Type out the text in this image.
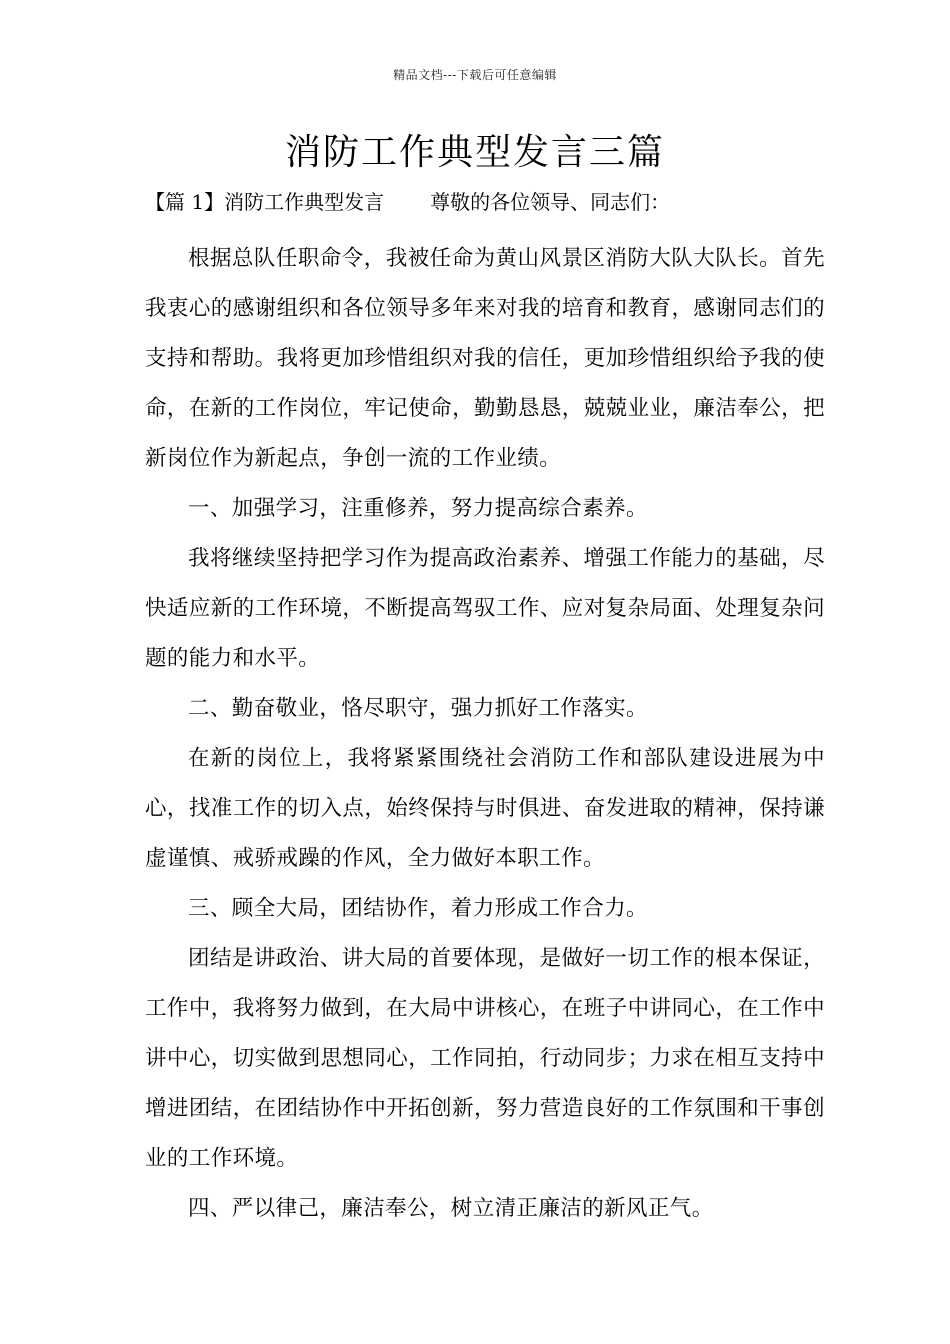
精品文档---下载后可任意编辑
消防工作典型发言三篇

【篇 1】消防工作典型发言 尊敬的各位领导、同志们：

根据总队任职命令，我被任命为黄山风景区消防大队大队长。首先我衷心的感谢组织和各位领导多年来对我的培育和教育，感谢同志们的支持和帮助。我将更加珍惜组织对我的信任，更加珍惜组织给予我的使命，在新的工作岗位，牢记使命，勤勤恳恳，兢兢业业，廉洁奉公，把新岗位作为新起点，争创一流的工作业绩。

一、加强学习，注重修养，努力提高综合素养。

我将继续坚持把学习作为提高政治素养、增强工作能力的基础，尽快适应新的工作环境，不断提高驾驭工作、应对复杂局面、处理复杂问题的能力和水平。

二、勤奋敬业，恪尽职守，强力抓好工作落实。

在新的岗位上，我将紧紧围绕社会消防工作和部队建设进展为中心，找准工作的切入点，始终保持与时俱进、奋发进取的精神，保持谦虚谨慎、戒骄戒躁的作风，全力做好本职工作。

三、顾全大局，团结协作，着力形成工作合力。

团结是讲政治、讲大局的首要体现，是做好一切工作的根本保证，工作中，我将努力做到，在大局中讲核心，在班子中讲同心，在工作中讲中心，切实做到思想同心，工作同拍，行动同步；力求在相互支持中增进团结，在团结协作中开拓创新，努力营造良好的工作氛围和干事创业的工作环境。

四、严以律己，廉洁奉公，树立清正廉洁的新风正气。
